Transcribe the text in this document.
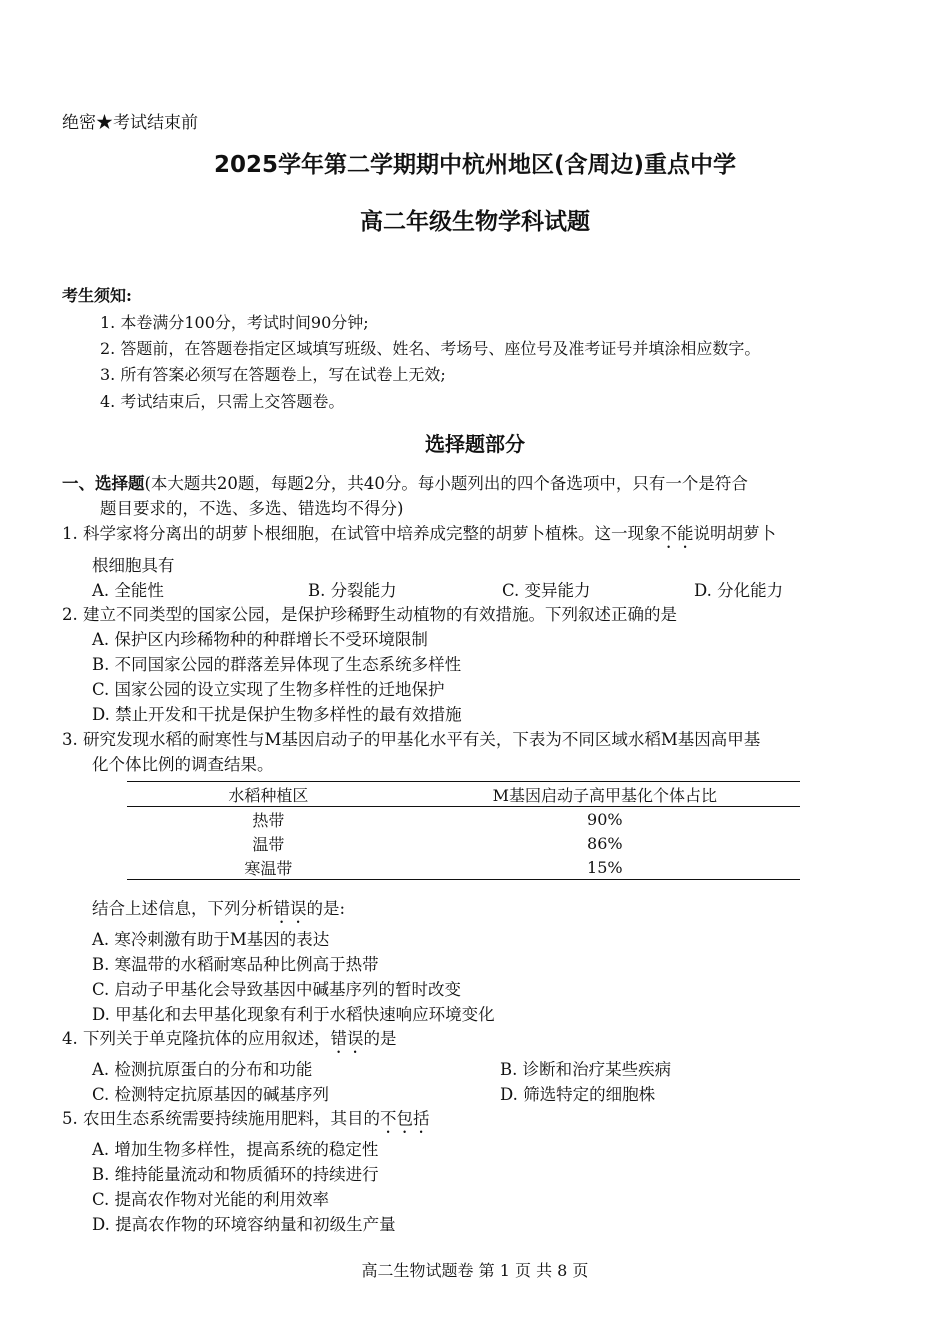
绝密★考试结束前
2025学年第二学期期中杭州地区(含周边)重点中学
高二年级生物学科试题
考生须知:
1. 本卷满分100分，考试时间90分钟;
2. 答题前，在答题卷指定区域填写班级、姓名、考场号、座位号及准考证号并填涂相应数字。
3. 所有答案必须写在答题卷上，写在试卷上无效;
4. 考试结束后，只需上交答题卷。
选择题部分
一、选择题(本大题共20题，每题2分，共40分。每小题列出的四个备选项中，只有一个是符合
题目要求的，不选、多选、错选均不得分)
1. 科学家将分离出的胡萝卜根细胞，在试管中培养成完整的胡萝卜植株。这一现象不能说明胡萝卜
根细胞具有
A. 全能性	B. 分裂能力	C. 变异能力	D. 分化能力
2. 建立不同类型的国家公园，是保护珍稀野生动植物的有效措施。下列叙述正确的是
A. 保护区内珍稀物种的种群增长不受环境限制
B. 不同国家公园的群落差异体现了生态系统多样性
C. 国家公园的设立实现了生物多样性的迁地保护
D. 禁止开发和干扰是保护生物多样性的最有效措施
3. 研究发现水稻的耐寒性与M基因启动子的甲基化水平有关，下表为不同区域水稻M基因高甲基
化个体比例的调查结果。
水稻种植区	M基因启动子高甲基化个体占比
热带	90%
温带	86%
寒温带	15%
结合上述信息，下列分析错误的是:
A. 寒冷刺激有助于M基因的表达
B. 寒温带的水稻耐寒品种比例高于热带
C. 启动子甲基化会导致基因中碱基序列的暂时改变
D. 甲基化和去甲基化现象有利于水稻快速响应环境变化
4. 下列关于单克隆抗体的应用叙述，错误的是
A. 检测抗原蛋白的分布和功能	B. 诊断和治疗某些疾病
C. 检测特定抗原基因的碱基序列	D. 筛选特定的细胞株
5. 农田生态系统需要持续施用肥料，其目的不包括
A. 增加生物多样性，提高系统的稳定性
B. 维持能量流动和物质循环的持续进行
C. 提高农作物对光能的利用效率
D. 提高农作物的环境容纳量和初级生产量
高二生物试题卷 第 1 页 共 8 页
